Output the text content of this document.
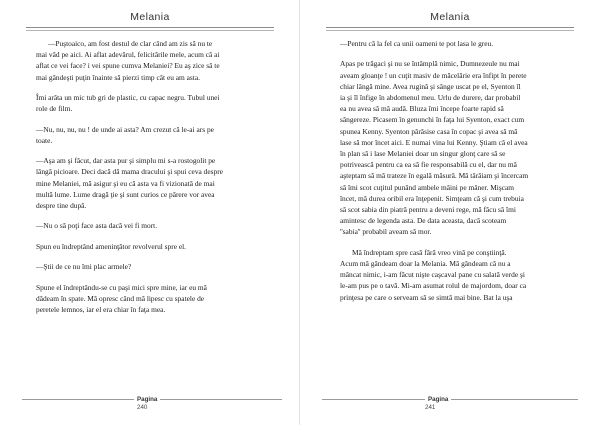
Melania
—Puştoaico, am fost destul de clar când am zis să nu te
mai văd pe aici. Ai aflat adevărul, felicitările mele, acum că ai
aflat ce vei face? i vei spune cumva Melaniei? Eu aş zice să te
mai gândeşti puţin înainte să pierzi timp cât eu am asta.
Îmi arăta un mic tub gri de plastic, cu capac negru. Tubul unei
role de film.
—Nu, nu, nu, nu ! de unde ai asta? Am crezut că le-ai ars pe
toate.
—Aşa am şi făcut, dar asta pur şi simplu mi s-a rostogolit pe
lângă picioare. Deci dacă dă mama dracului şi spui ceva despre
mine Melaniei, mă asigur şi eu că asta va fi vizionată de mai
multă lume. Lume dragă ţie şi sunt curios ce părere vor avea
despre tine după.
—Nu o să poţi face asta dacă vei fi mort.
Spun eu îndreptând ameninţător revolverul spre el.
—Ştii de ce nu îmi plac armele?
Spune el îndreptându-se cu paşi mici spre mine, iar eu mă
dădeam în spate. Mă opresc când mă lipesc cu spatele de
peretele lemnos, iar el era chiar în faţa mea.
Pagina
240
Melania
—Pentru că la fel ca unii oameni te pot lasa le greu.
Apas pe trăgaci şi nu se întâmplă nimic, Dumnezeule nu mai
aveam gloanţe ! un cuţit masiv de măcelărie era înfipt în perete
chiar lângă mine. Avea rugină şi sânge uscat pe el, Syenton îl
ia şi îl înfige în abdomenul meu. Urlu de durere, dar probabil
ea nu avea să mă audă. Bluza îmi începe foarte rapid să
sângereze. Picasem în genunchi în faţa lui Syenton, exact cum
spunea Kenny. Syenton părăsise casa în copac şi avea să mă
lase să mor încet aici. E numai vina lui Kenny. Ştiam că el avea
în plan să i lase Melaniei doar un singur glonţ care să se
potrivească pentru ca ea să fie responsabilă cu el, dar nu mă
aşteptam să mă trateze în egală măsură. Mă târâiam şi încercam
să îmi scot cuţitul punând ambele mâini pe mâner. Mişcam
încet, mă durea oribil era înţepenit. Simţeam că şi cum trebuia
să scot sabia din piatră pentru a deveni rege, mă făcu să îmi
amintesc de legenda asta. De data aceasta, dacă scoteam
''sabia'' probabil aveam să mor.
Mă îndreptam spre casă fără vreo vină pe conştiinţă.
Acum mă gândeam doar la Melania. Mă gândeam că nu a
mâncat nimic, i-am făcut nişte caşcaval pane cu salată verde şi
le-am pus pe o tavă. Mi-am asumat rolul de majordom, doar ca
prinţesa pe care o serveam să se simtă mai bine. Bat la uşa
Pagina
241
